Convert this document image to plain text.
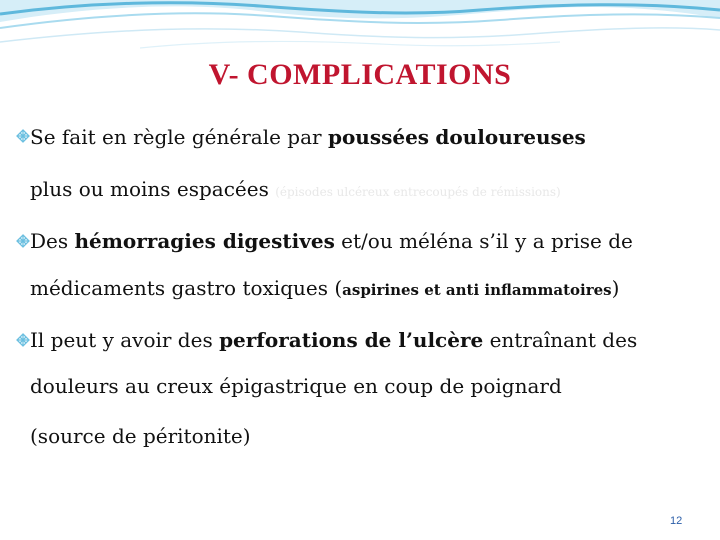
V- COMPLICATIONS
Se fait en règle générale par poussées douloureuses
plus ou moins espacées (épisodes ulcéreux entrecoupés de rémissions)
Des hémorragies digestives et/ou méléna s’il y a prise de
médicaments gastro toxiques (aspirines et anti inflammatoires)
Il peut y avoir des perforations de l’ulcère entraînant des
douleurs au creux épigastrique en coup de poignard
(source de péritonite)
12
